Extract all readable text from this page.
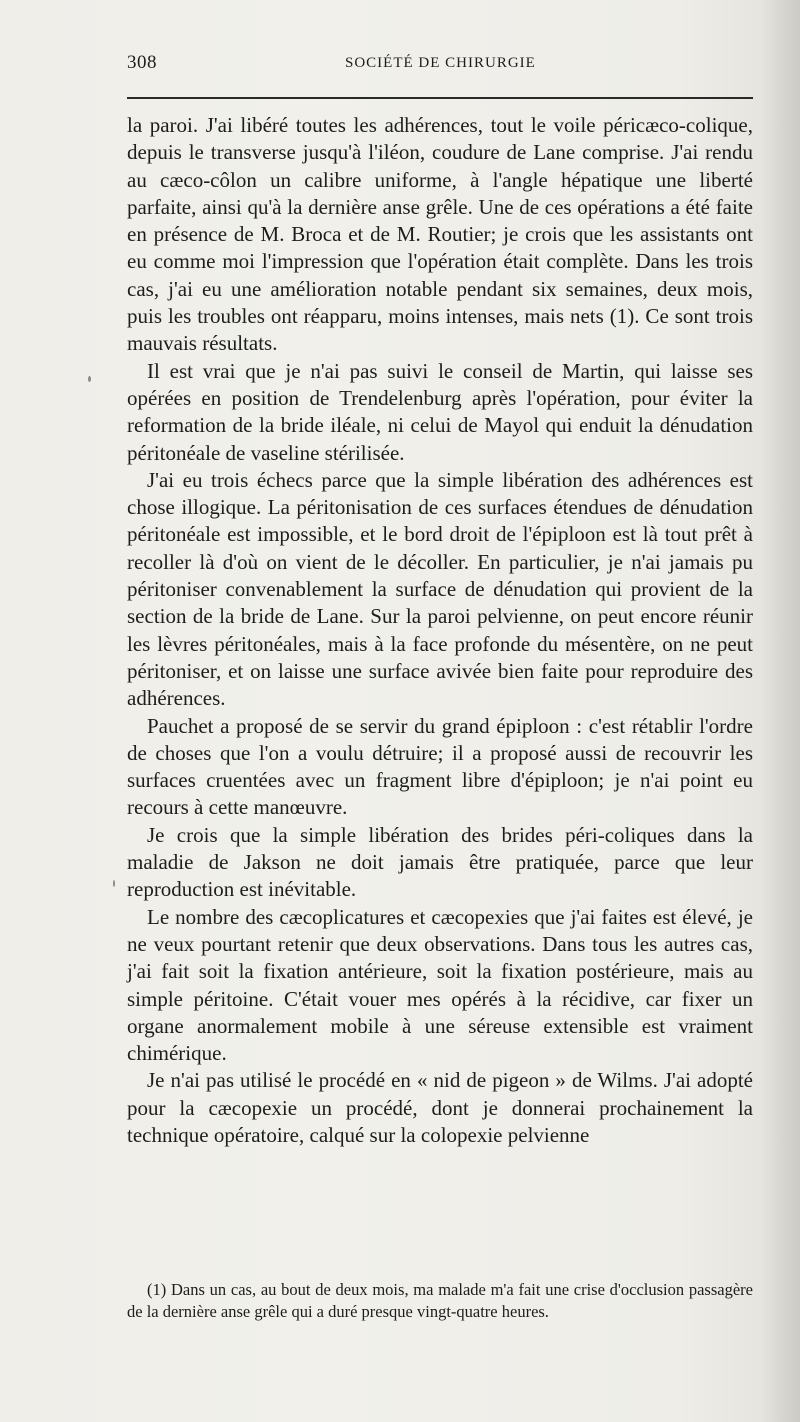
308	SOCIÉTÉ DE CHIRURGIE

la paroi. J'ai libéré toutes les adhérences, tout le voile péricæco-colique, depuis le transverse jusqu'à l'iléon, coudure de Lane comprise. J'ai rendu au cæco-côlon un calibre uniforme, à l'angle hépatique une liberté parfaite, ainsi qu'à la dernière anse grêle. Une de ces opérations a été faite en présence de M. Broca et de M. Routier; je crois que les assistants ont eu comme moi l'impression que l'opération était complète. Dans les trois cas, j'ai eu une amélioration notable pendant six semaines, deux mois, puis les troubles ont réapparu, moins intenses, mais nets (1). Ce sont trois mauvais résultats.

Il est vrai que je n'ai pas suivi le conseil de Martin, qui laisse ses opérées en position de Trendelenburg après l'opération, pour éviter la reformation de la bride iléale, ni celui de Mayol qui enduit la dénudation péritonéale de vaseline stérilisée.

J'ai eu trois échecs parce que la simple libération des adhérences est chose illogique. La péritonisation de ces surfaces étendues de dénudation péritonéale est impossible, et le bord droit de l'épiploon est là tout prêt à recoller là d'où on vient de le décoller. En particulier, je n'ai jamais pu péritoniser convenablement la surface de dénudation qui provient de la section de la bride de Lane. Sur la paroi pelvienne, on peut encore réunir les lèvres péritonéales, mais à la face profonde du mésentère, on ne peut péritoniser, et on laisse une surface avivée bien faite pour reproduire des adhérences.

Pauchet a proposé de se servir du grand épiploon : c'est rétablir l'ordre de choses que l'on a voulu détruire; il a proposé aussi de recouvrir les surfaces cruentées avec un fragment libre d'épiploon; je n'ai point eu recours à cette manœuvre.

Je crois que la simple libération des brides péri-coliques dans la maladie de Jakson ne doit jamais être pratiquée, parce que leur reproduction est inévitable.

Le nombre des cæcoplicatures et cæcopexies que j'ai faites est élevé, je ne veux pourtant retenir que deux observations. Dans tous les autres cas, j'ai fait soit la fixation antérieure, soit la fixation postérieure, mais au simple péritoine. C'était vouer mes opérés à la récidive, car fixer un organe anormalement mobile à une séreuse extensible est vraiment chimérique.

Je n'ai pas utilisé le procédé en « nid de pigeon » de Wilms. J'ai adopté pour la cæcopexie un procédé, dont je donnerai prochainement la technique opératoire, calqué sur la colopexie pelvienne

(1) Dans un cas, au bout de deux mois, ma malade m'a fait une crise d'occlusion passagère de la dernière anse grêle qui a duré presque vingt-quatre heures.
